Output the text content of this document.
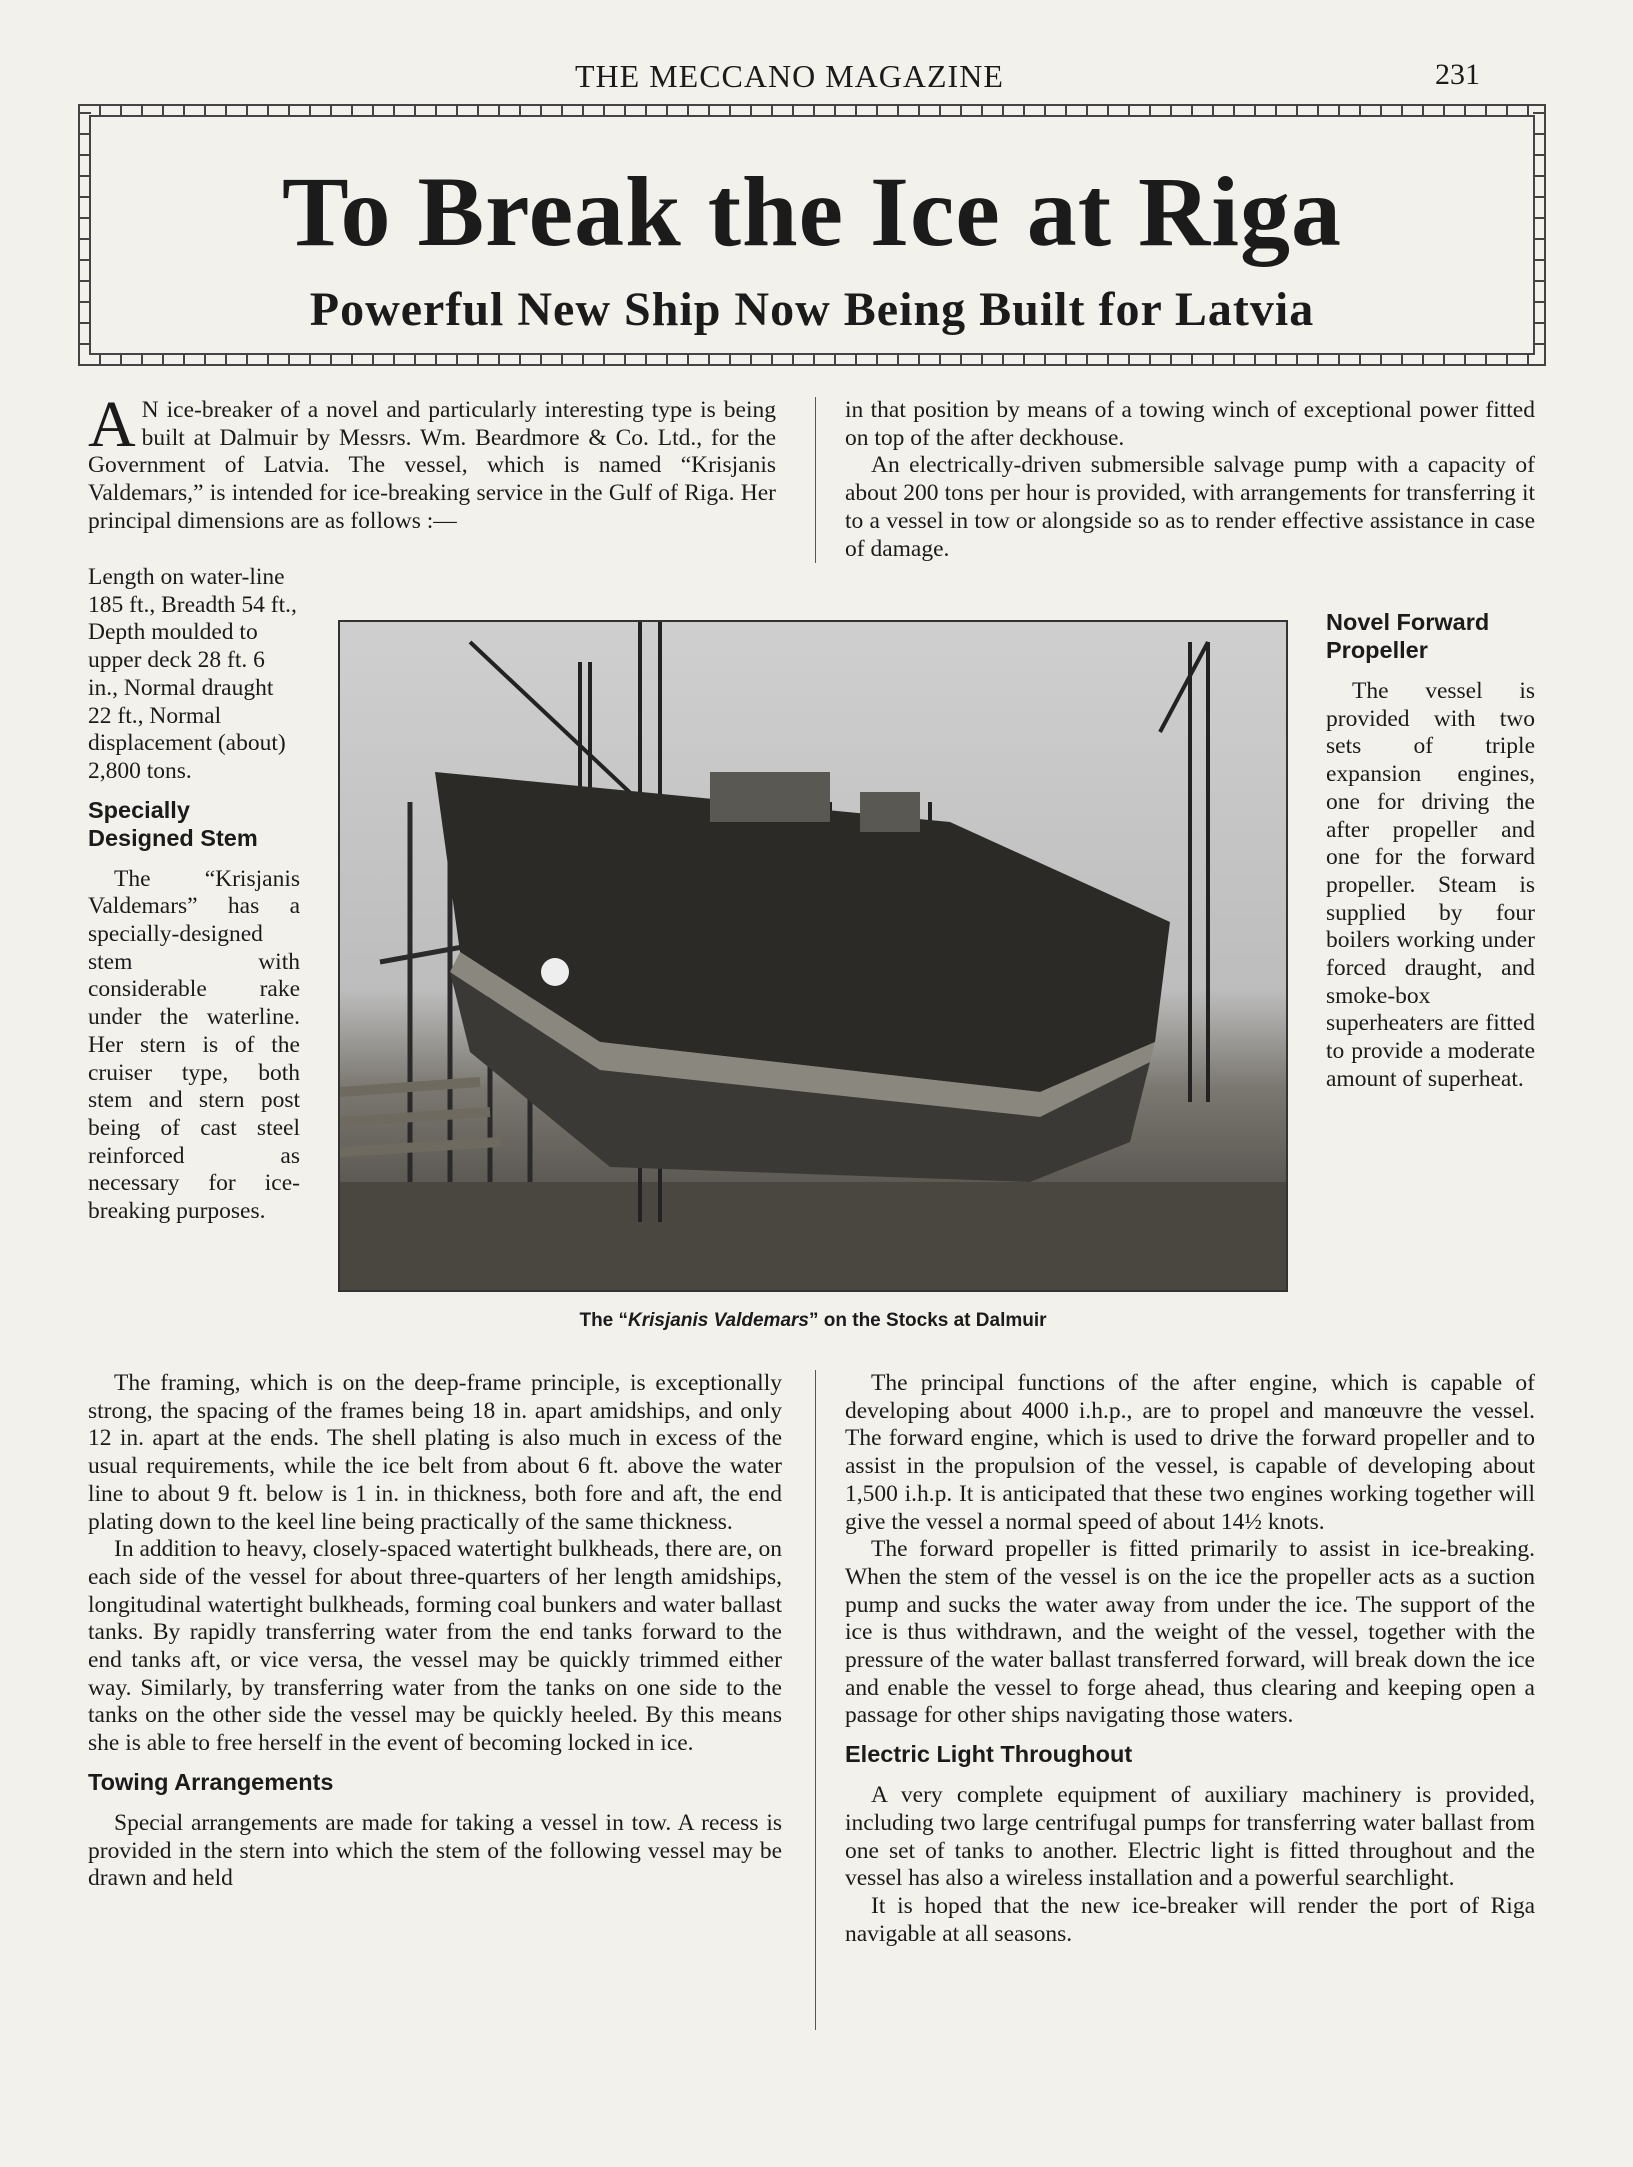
THE MECCANO MAGAZINE	231
To Break the Ice at Riga
Powerful New Ship Now Being Built for Latvia

A N ice-breaker of a novel and particularly interesting type is being built at Dalmuir by Messrs. Wm. Beardmore & Co. Ltd., for the Government of Latvia. The vessel, which is named “Krisjanis Valdemars,” is intended for ice-breaking service in the Gulf of Riga. Her principal dimensions are as follows :—

Length on water-line 185 ft., Breadth 54 ft., Depth moulded to upper deck 28 ft. 6 in., Normal draught 22 ft., Normal displacement (about) 2,800 tons.

Specially Designed Stem

The “Krisjanis Valdemars” has a specially-designed stem with considerable rake under the waterline. Her stern is of the cruiser type, both stem and stern post being of cast steel reinforced as necessary for ice-breaking purposes.

The “Krisjanis Valdemars” on the Stocks at Dalmuir

The framing, which is on the deep-frame principle, is exceptionally strong, the spacing of the frames being 18 in. apart amidships, and only 12 in. apart at the ends. The shell plating is also much in excess of the usual requirements, while the ice belt from about 6 ft. above the water line to about 9 ft. below is 1 in. in thickness, both fore and aft, the end plating down to the keel line being practically of the same thickness.

In addition to heavy, closely-spaced watertight bulkheads, there are, on each side of the vessel for about three-quarters of her length amidships, longitudinal watertight bulkheads, forming coal bunkers and water ballast tanks. By rapidly transferring water from the end tanks forward to the end tanks aft, or vice versa, the vessel may be quickly trimmed either way. Similarly, by transferring water from the tanks on one side to the tanks on the other side the vessel may be quickly heeled. By this means she is able to free herself in the event of becoming locked in ice.

Towing Arrangements

Special arrangements are made for taking a vessel in tow. A recess is provided in the stern into which the stem of the following vessel may be drawn and held

in that position by means of a towing winch of exceptional power fitted on top of the after deckhouse.

An electrically-driven submersible salvage pump with a capacity of about 200 tons per hour is provided, with arrangements for transferring it to a vessel in tow or alongside so as to render effective assistance in case of damage.

Novel Forward Propeller

The vessel is provided with two sets of triple expansion engines, one for driving the after propeller and one for the forward propeller. Steam is supplied by four boilers working under forced draught, and smoke-box superheaters are fitted to provide a moderate amount of superheat.

The principal functions of the after engine, which is capable of developing about 4000 i.h.p., are to propel and manœuvre the vessel. The forward engine, which is used to drive the forward propeller and to assist in the propulsion of the vessel, is capable of developing about 1,500 i.h.p. It is anticipated that these two engines working together will give the vessel a normal speed of about 14½ knots.

The forward propeller is fitted primarily to assist in ice-breaking. When the stem of the vessel is on the ice the propeller acts as a suction pump and sucks the water away from under the ice. The support of the ice is thus withdrawn, and the weight of the vessel, together with the pressure of the water ballast transferred forward, will break down the ice and enable the vessel to forge ahead, thus clearing and keeping open a passage for other ships navigating those waters.

Electric Light Throughout

A very complete equipment of auxiliary machinery is provided, including two large centrifugal pumps for transferring water ballast from one set of tanks to another. Electric light is fitted throughout and the vessel has also a wireless installation and a powerful searchlight.

It is hoped that the new ice-breaker will render the port of Riga navigable at all seasons.
